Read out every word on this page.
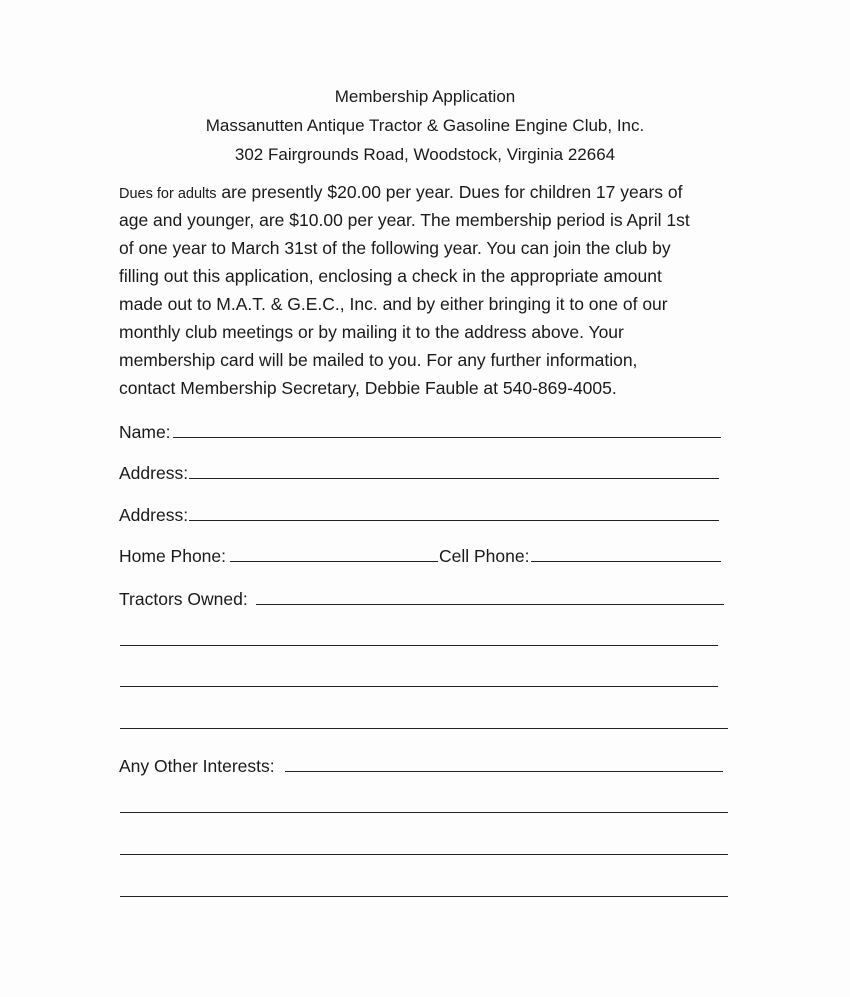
Membership Application
Massanutten Antique Tractor & Gasoline Engine Club, Inc.
302 Fairgrounds Road, Woodstock, Virginia 22664
Dues for adults are presently $20.00 per year. Dues for children 17 years of
age and younger, are $10.00 per year. The membership period is April 1st
of one year to March 31st of the following year. You can join the club by
filling out this application, enclosing a check in the appropriate amount
made out to M.A.T. & G.E.C., Inc. and by either bringing it to one of our
monthly club meetings or by mailing it to the address above. Your
membership card will be mailed to you. For any further information,
contact Membership Secretary, Debbie Fauble at 540-869-4005.
Name:
Address:
Address:
Home Phone:	Cell Phone:
Tractors Owned:
Any Other Interests:
